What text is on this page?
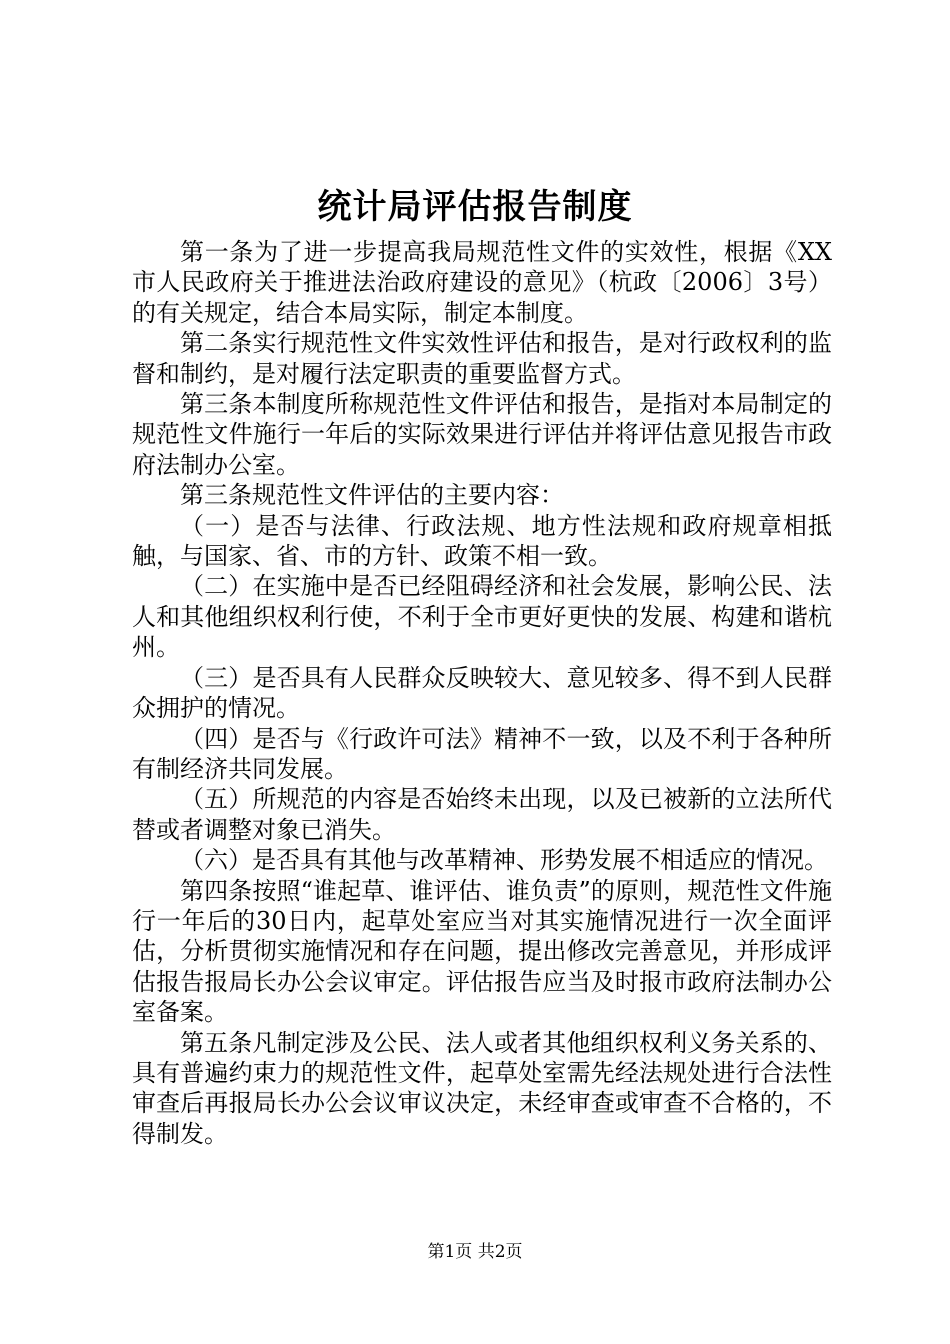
统计局评估报告制度

第一条为了进一步提高我局规范性文件的实效性，根据《XX市人民政府关于推进法治政府建设的意见》（杭政〔2006〕3号）的有关规定，结合本局实际，制定本制度。

第二条实行规范性文件实效性评估和报告，是对行政权利的监督和制约，是对履行法定职责的重要监督方式。

第三条本制度所称规范性文件评估和报告，是指对本局制定的规范性文件施行一年后的实际效果进行评估并将评估意见报告市政府法制办公室。

第三条规范性文件评估的主要内容：

（一）是否与法律、行政法规、地方性法规和政府规章相抵触，与国家、省、市的方针、政策不相一致。

（二）在实施中是否已经阻碍经济和社会发展，影响公民、法人和其他组织权利行使，不利于全市更好更快的发展、构建和谐杭州。

（三）是否具有人民群众反映较大、意见较多、得不到人民群众拥护的情况。

（四）是否与《行政许可法》精神不一致，以及不利于各种所有制经济共同发展。

（五）所规范的内容是否始终未出现，以及已被新的立法所代替或者调整对象已消失。

（六）是否具有其他与改革精神、形势发展不相适应的情况。

第四条按照“谁起草、谁评估、谁负责”的原则，规范性文件施行一年后的30日内，起草处室应当对其实施情况进行一次全面评估，分析贯彻实施情况和存在问题，提出修改完善意见，并形成评估报告报局长办公会议审定。评估报告应当及时报市政府法制办公室备案。

第五条凡制定涉及公民、法人或者其他组织权利义务关系的、具有普遍约束力的规范性文件，起草处室需先经法规处进行合法性审查后再报局长办公会议审议决定，未经审查或审查不合格的，不得制发。

第1页 共2页
